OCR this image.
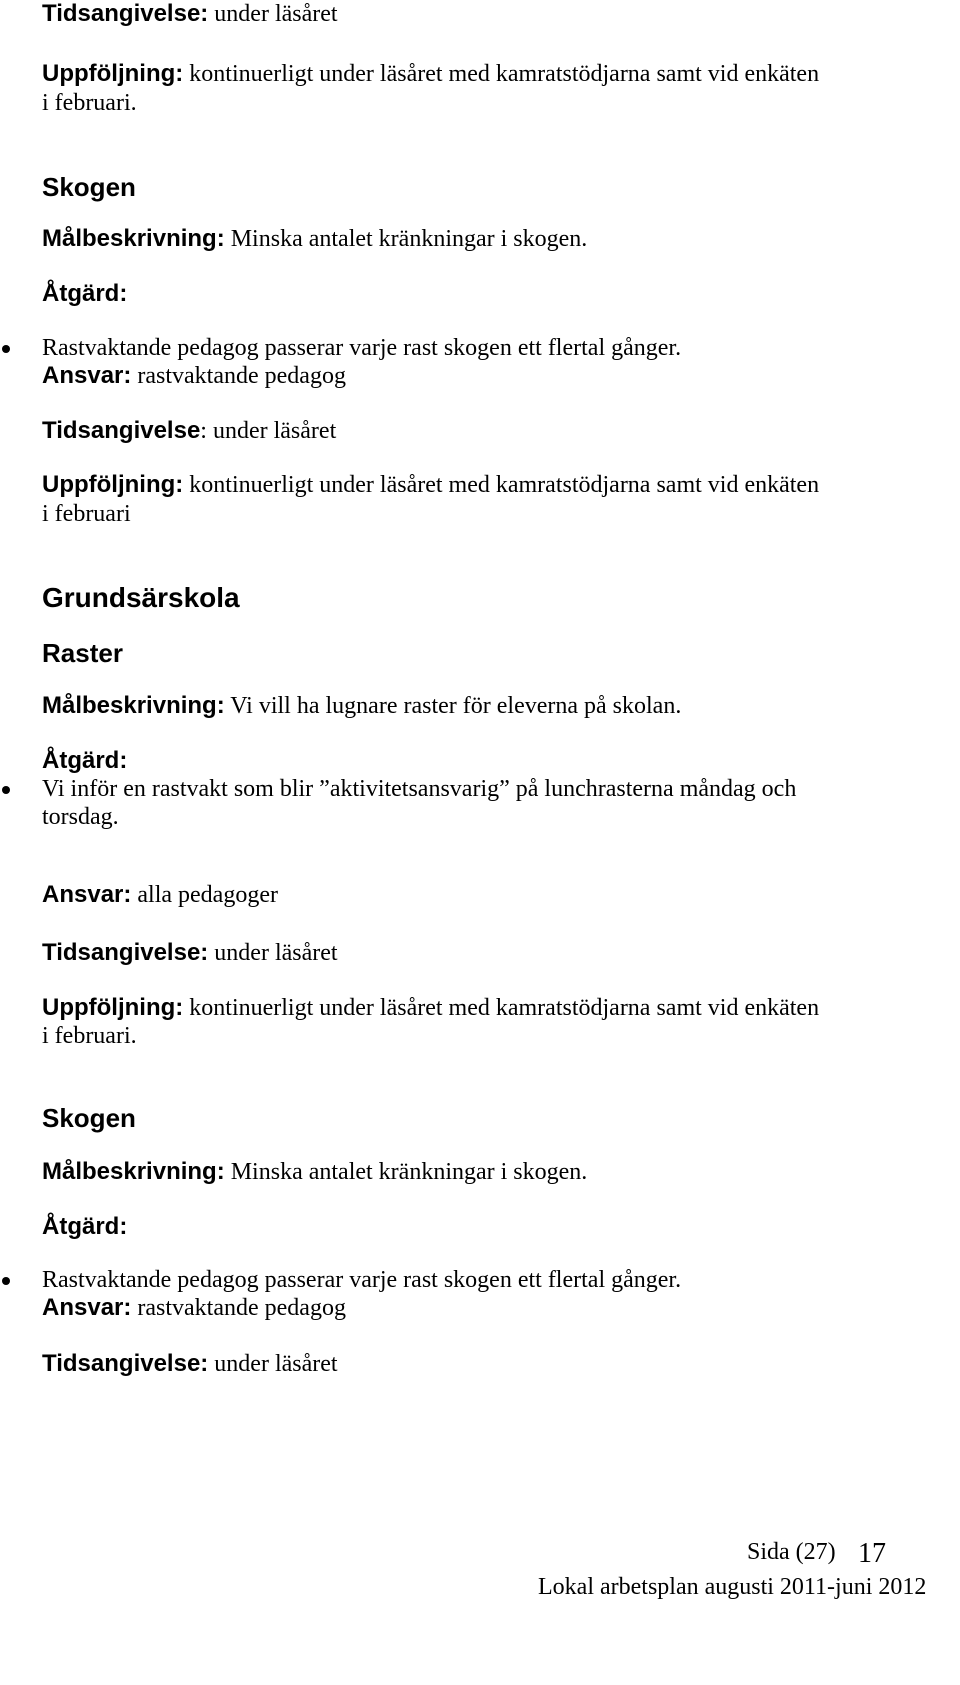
Tidsangivelse: under läsåret
Uppföljning: kontinuerligt under läsåret med kamratstödjarna samt vid enkäten
i februari.
Skogen
Målbeskrivning: Minska antalet kränkningar i skogen.
Åtgärd:
Rastvaktande pedagog passerar varje rast skogen ett flertal gånger.
Ansvar: rastvaktande pedagog
Tidsangivelse: under läsåret
Uppföljning: kontinuerligt under läsåret med kamratstödjarna samt vid enkäten
i februari
Grundsärskola
Raster
Målbeskrivning: Vi vill ha lugnare raster för eleverna på skolan.
Åtgärd:
Vi inför en rastvakt som blir ”aktivitetsansvarig” på lunchrasterna måndag och
torsdag.
Ansvar: alla pedagoger
Tidsangivelse: under läsåret
Uppföljning: kontinuerligt under läsåret med kamratstödjarna samt vid enkäten
i februari.
Skogen
Målbeskrivning: Minska antalet kränkningar i skogen.
Åtgärd:
Rastvaktande pedagog passerar varje rast skogen ett flertal gånger.
Ansvar: rastvaktande pedagog
Tidsangivelse: under läsåret
Sida (27) 17
Lokal arbetsplan augusti 2011-juni 2012
